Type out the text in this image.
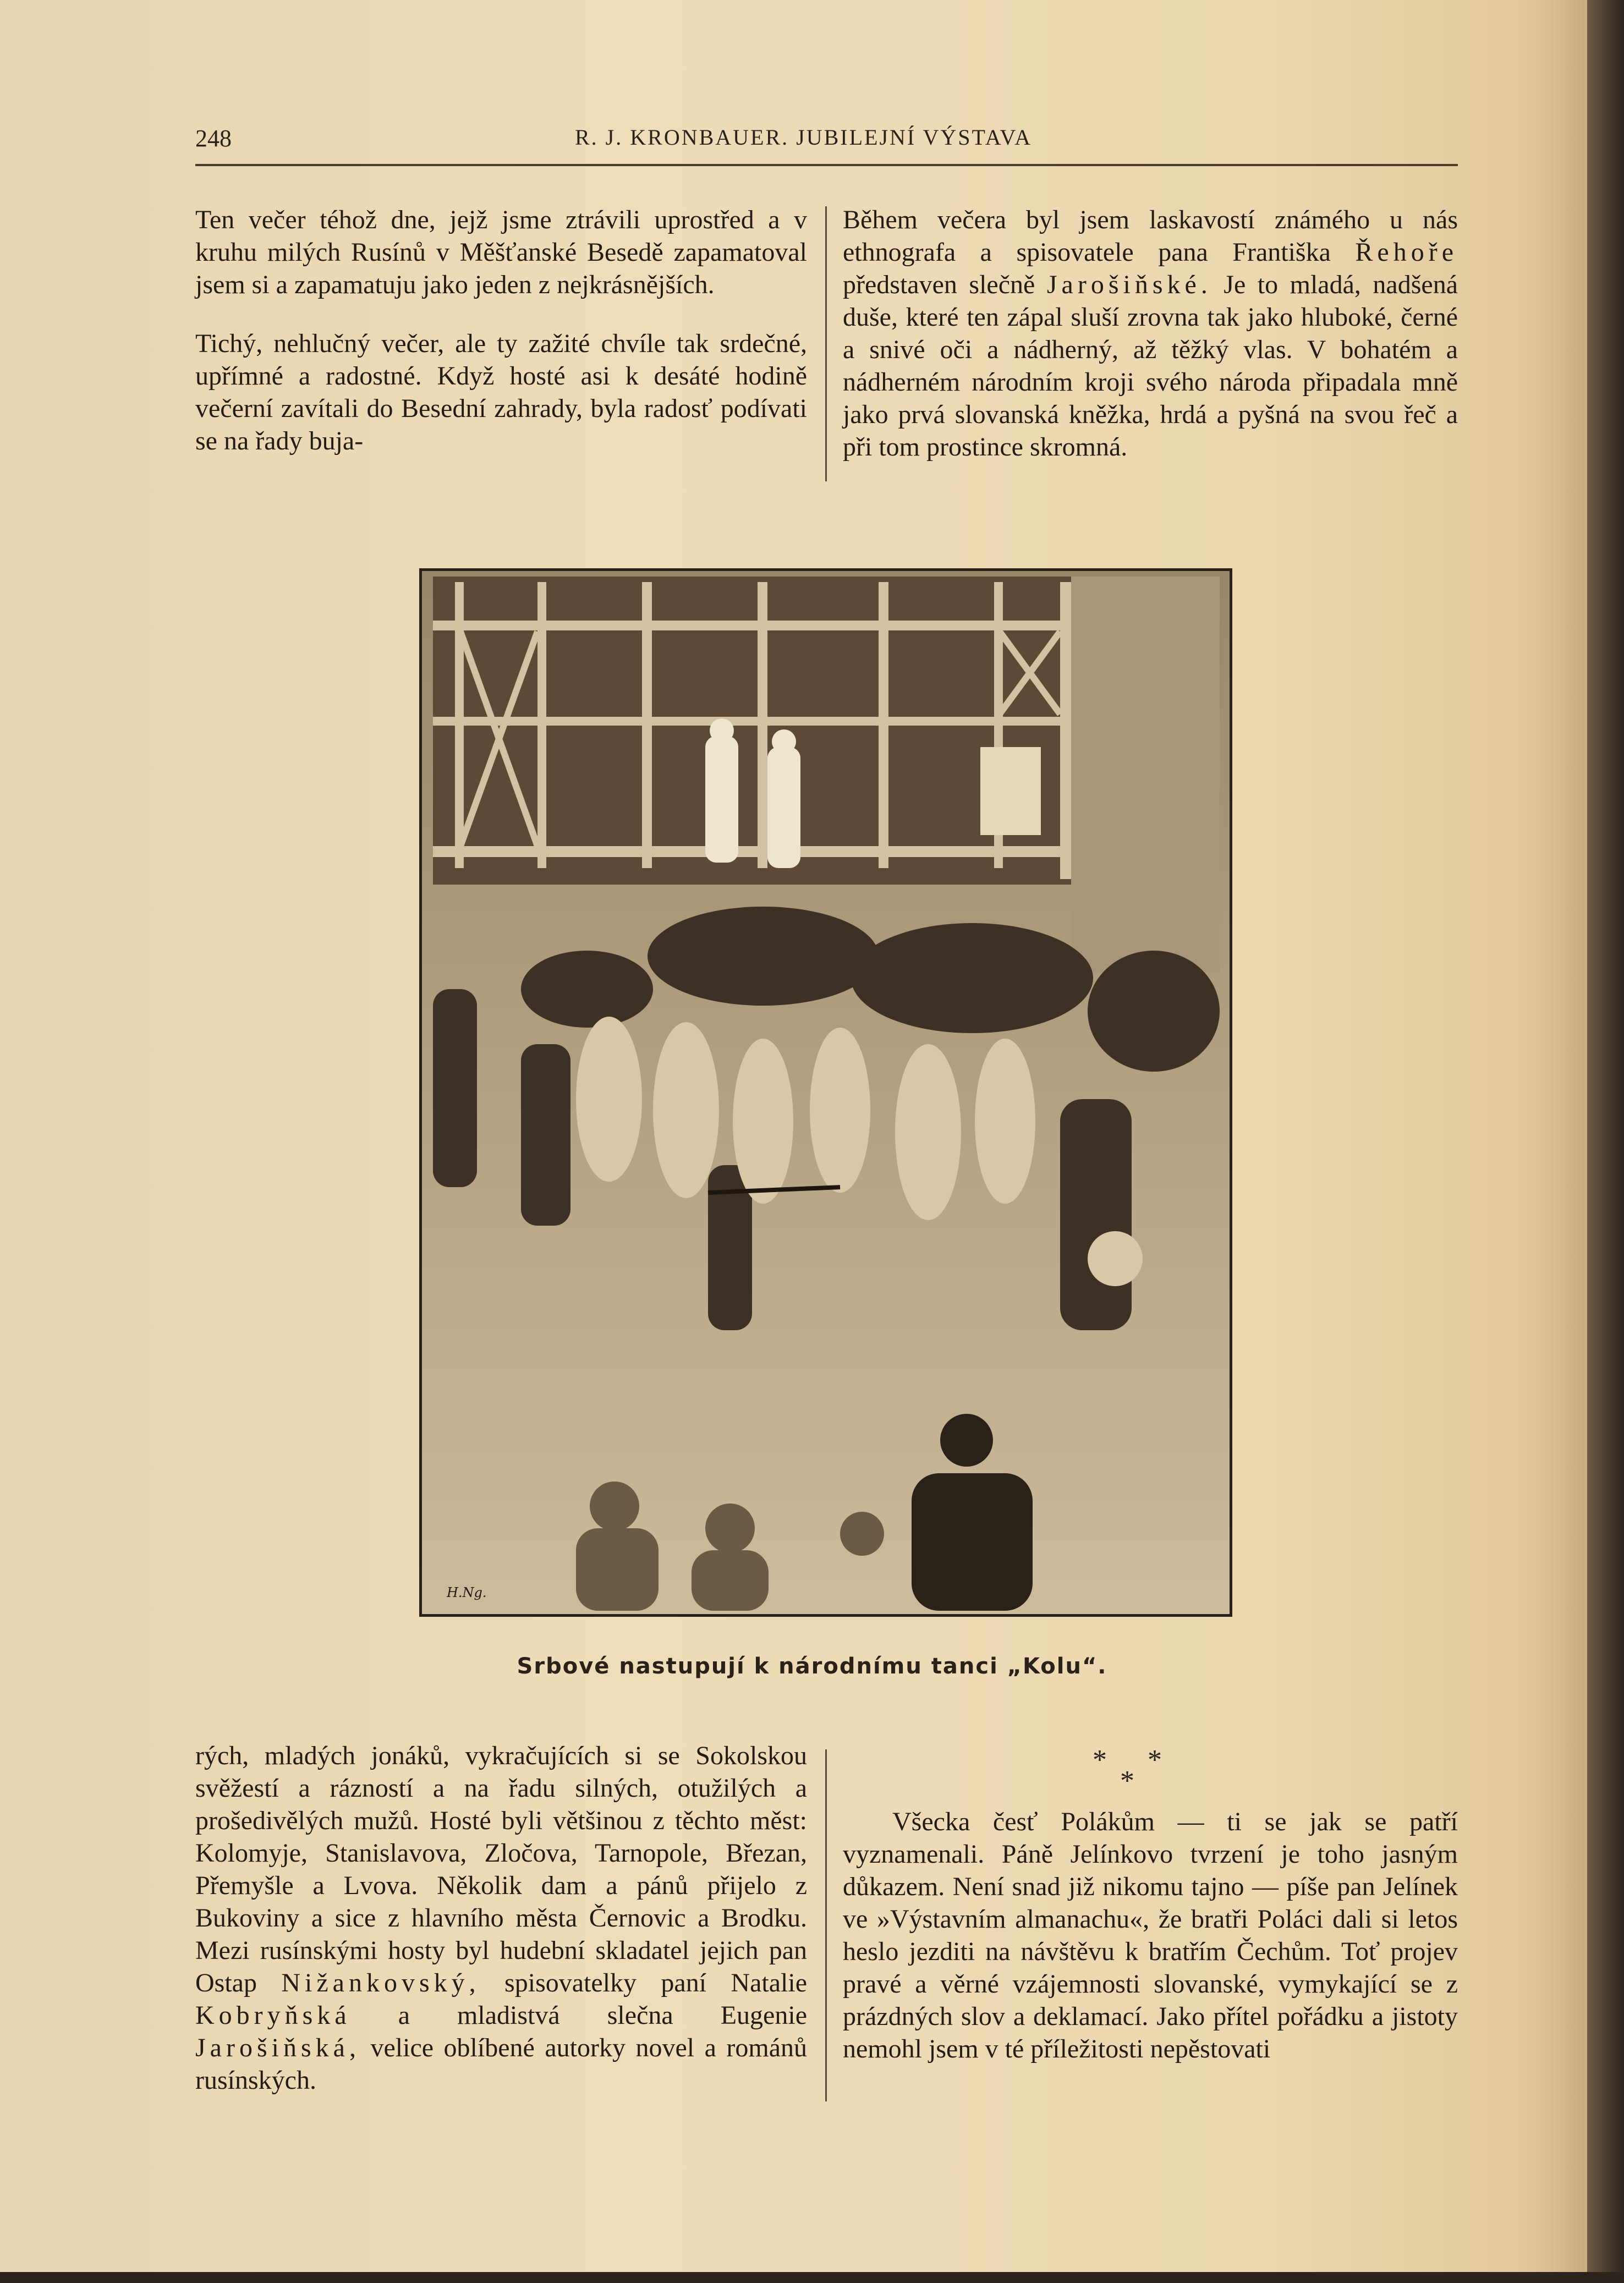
248	R. J. KRONBAUER. JUBILEJNÍ VÝSTAVA

Ten večer téhož dne, jejž jsme ztrávili uprostřed a v kruhu milých Rusínů v Měšťanské Besedě zapamatoval jsem si a zapamatuju jako jeden z nejkrásnějších.

Tichý, nehlučný večer, ale ty zažité chvíle tak srdečné, upřímné a radostné. Když hosté asi k desáté hodině večerní zavítali do Besední zahrady, byla radosť podívati se na řady buja-

Během večera byl jsem laskavostí známého u nás ethnografa a spisovatele pana Františka Řehoře představen slečně Jarošiňské. Je to mladá, nadšená duše, které ten zápal sluší zrovna tak jako hluboké, černé a snivé oči a nádherný, až těžký vlas. V bohatém a nádherném národním kroji svého národa připadala mně jako prvá slovanská kněžka, hrdá a pyšná na svou řeč a při tom prostince skromná.

H.Ng.
Srbové nastupují k národnímu tanci „Kolu“.

rých, mladých jonáků, vykračujících si se Sokolskou svěžestí a rázností a na řadu silných, otužilých a prošedivělých mužů. Hosté byli většinou z těchto měst: Kolomyje, Stanislavova, Zločova, Tarnopole, Březan, Přemyšle a Lvova. Několik dam a pánů přijelo z Bukoviny a sice z hlavního města Černovic a Brodku. Mezi rusínskými hosty byl hudební skladatel jejich pan Ostap Nižankovský, spisovatelky paní Natalie Kobryňská a mladistvá slečna Eugenie Jarošiňská, velice oblíbené autorky novel a románů rusínských.

* *
*

Všecka česť Polákům — ti se jak se patří vyznamenali. Páně Jelínkovo tvrzení je toho jasným důkazem. Není snad již nikomu tajno — píše pan Jelínek ve »Výstavním almanachu«, že bratři Poláci dali si letos heslo jezditi na návštěvu k bratřím Čechům. Toť projev pravé a věrné vzájemnosti slovanské, vymykající se z prázdných slov a deklamací. Jako přítel pořádku a jistoty nemohl jsem v té příležitosti nepěstovati
